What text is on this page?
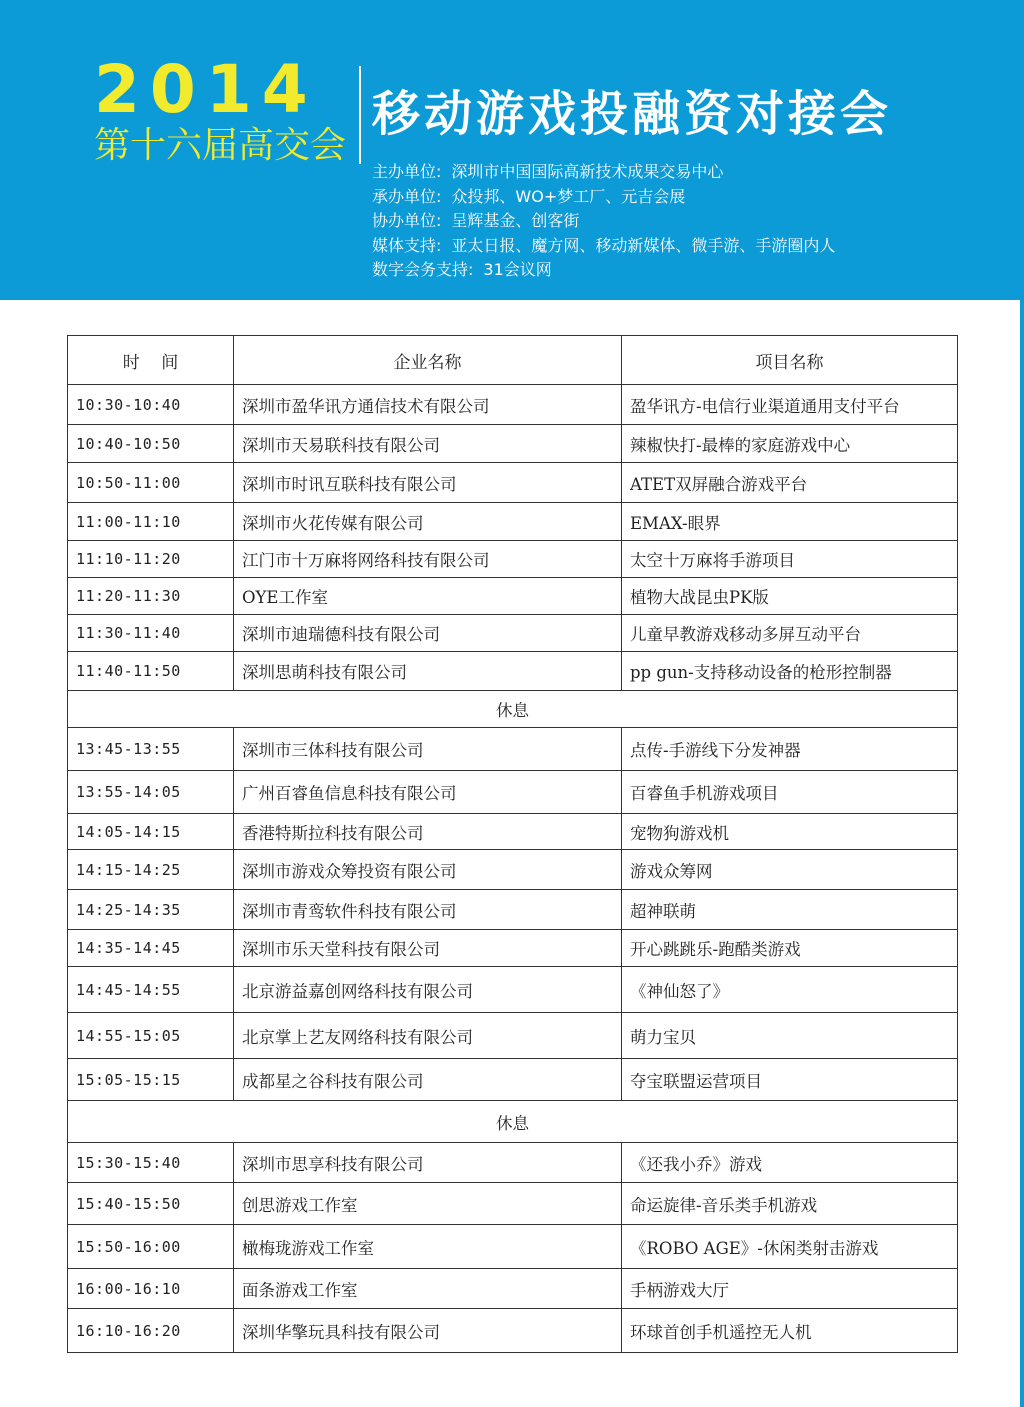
2014
第十六届高交会
移动游戏投融资对接会
主办单位: 深圳市中国国际高新技术成果交易中心
承办单位: 众投邦、WO+梦工厂、元吉会展
协办单位: 呈辉基金、创客街
媒体支持: 亚太日报、魔方网、移动新媒体、微手游、手游圈内人
数字会务支持: 31会议网
时    间	企业名称	项目名称
10:30-10:40	深圳市盈华讯方通信技术有限公司	盈华讯方-电信行业渠道通用支付平台
10:40-10:50	深圳市天易联科技有限公司	辣椒快打-最棒的家庭游戏中心
10:50-11:00	深圳市时讯互联科技有限公司	ATET双屏融合游戏平台
11:00-11:10	深圳市火花传媒有限公司	EMAX-眼界
11:10-11:20	江门市十万麻将网络科技有限公司	太空十万麻将手游项目
11:20-11:30	OYE工作室	植物大战昆虫PK版
11:30-11:40	深圳市迪瑞德科技有限公司	儿童早教游戏移动多屏互动平台
11:40-11:50	深圳思萌科技有限公司	pp gun-支持移动设备的枪形控制器
休息		
13:45-13:55	深圳市三体科技有限公司	点传-手游线下分发神器
13:55-14:05	广州百睿鱼信息科技有限公司	百睿鱼手机游戏项目
14:05-14:15	香港特斯拉科技有限公司	宠物狗游戏机
14:15-14:25	深圳市游戏众筹投资有限公司	游戏众筹网
14:25-14:35	深圳市青鸾软件科技有限公司	超神联萌
14:35-14:45	深圳市乐天堂科技有限公司	开心跳跳乐-跑酷类游戏
14:45-14:55	北京游益嘉创网络科技有限公司	《神仙怒了》
14:55-15:05	北京掌上艺友网络科技有限公司	萌力宝贝
15:05-15:15	成都星之谷科技有限公司	夺宝联盟运营项目
休息		
15:30-15:40	深圳市思享科技有限公司	《还我小乔》游戏
15:40-15:50	创思游戏工作室	命运旋律-音乐类手机游戏
15:50-16:00	橄梅珑游戏工作室	《ROBO AGE》-休闲类射击游戏
16:00-16:10	面条游戏工作室	手柄游戏大厅
16:10-16:20	深圳华擎玩具科技有限公司	环球首创手机遥控无人机
